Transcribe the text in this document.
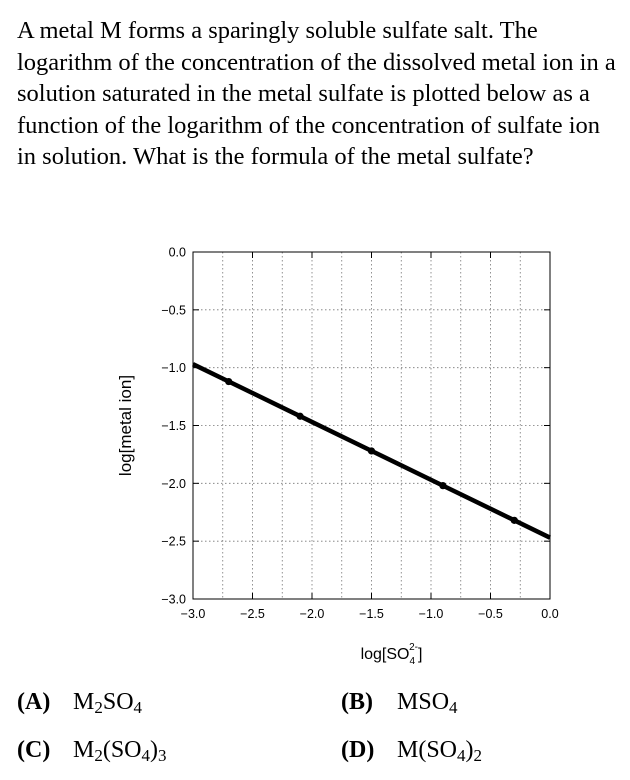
A metal M forms a sparingly soluble sulfate salt. The logarithm of the concentration of the dissolved metal ion in a solution saturated in the metal sulfate is plotted below as a function of the logarithm of the concentration of sulfate ion in solution. What is the formula of the metal sulfate?

−3.0	−2.5	−2.0	−1.5	−1.0	−0.5	0.0
0.0
−0.5
−1.0
−1.5
−2.0
−2.5
−3.0
log[metal ion]
$\log[SO_42-]$
(A) $M_2SO_4$	(B) $MSO_4$
(C) $M_2(SO_4)_3$	(D) $M(SO_4)_2$
